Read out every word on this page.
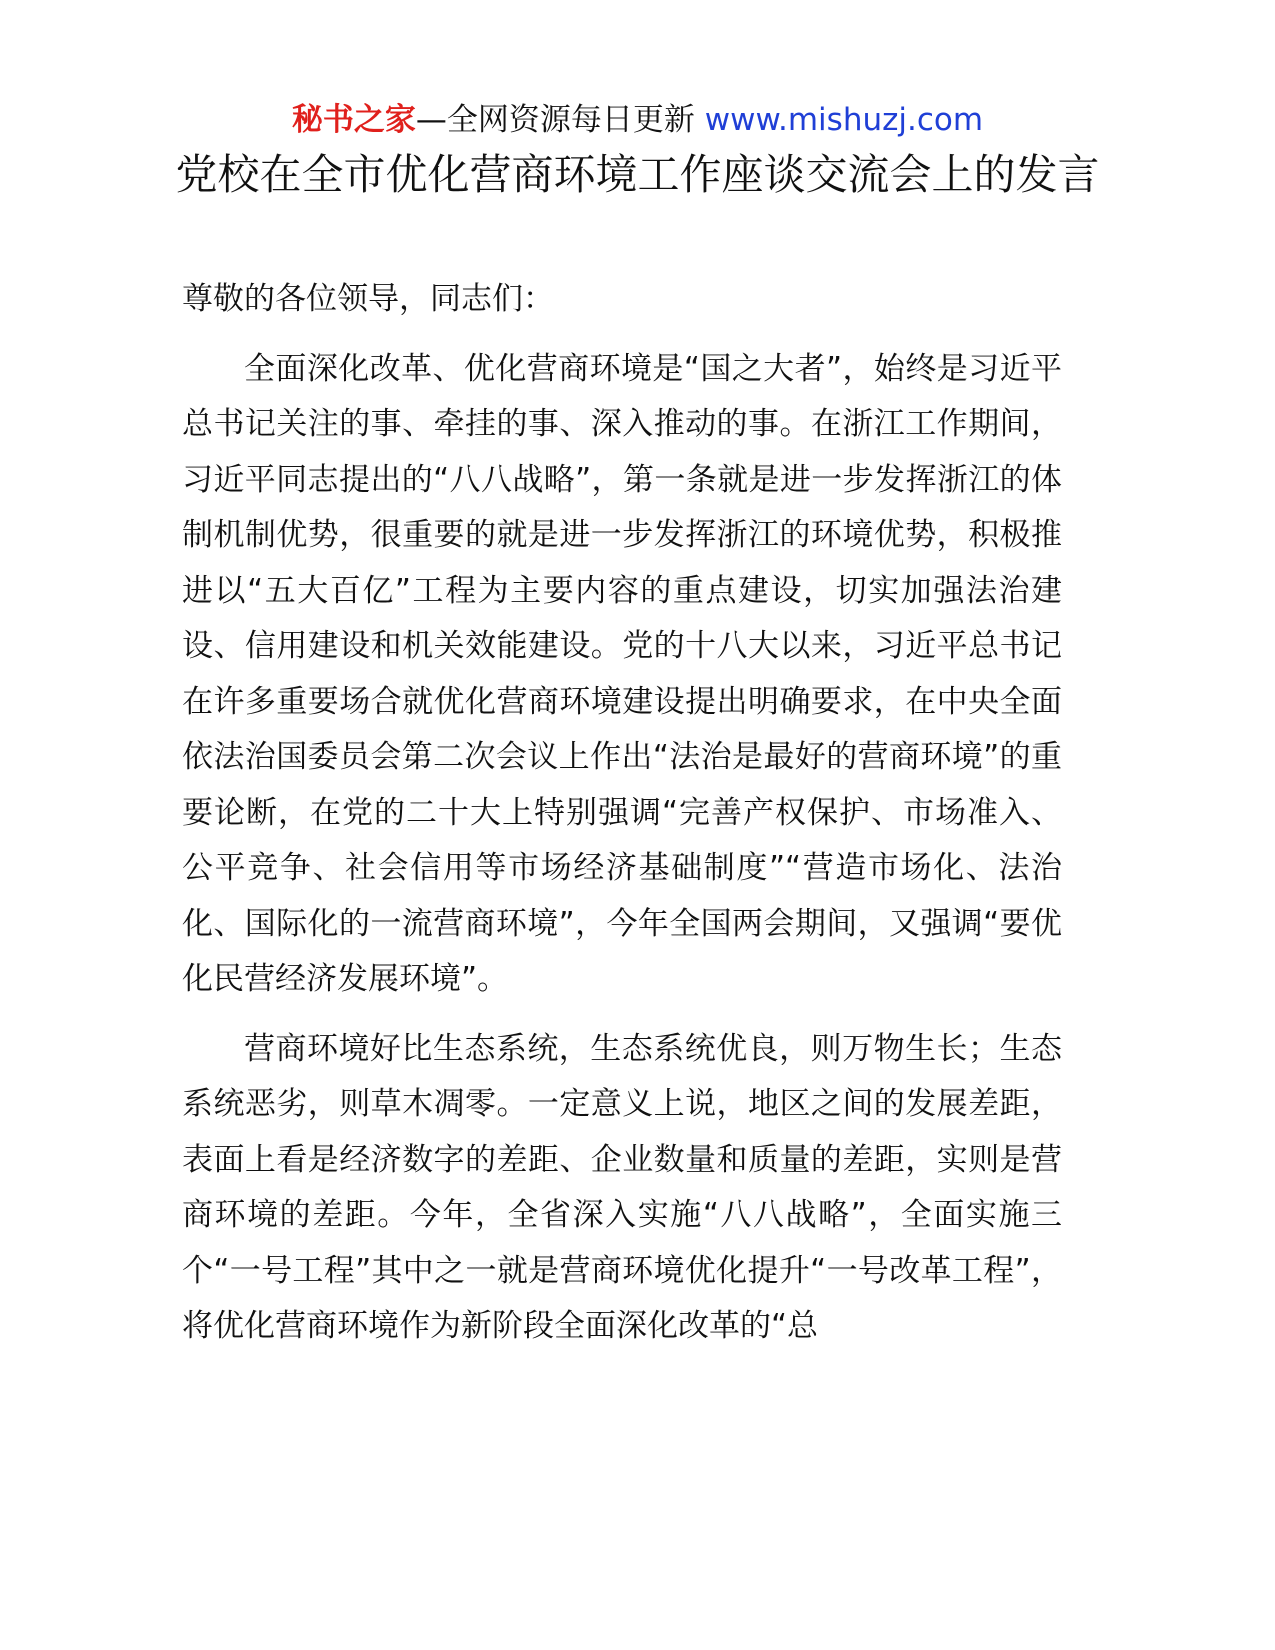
秘书之家—全网资源每日更新 www.mishuzj.com
党校在全市优化营商环境工作座谈交流会上的发言

尊敬的各位领导，同志们：

全面深化改革、优化营商环境是“国之大者”，始终是习近平总书记关注的事、牵挂的事、深入推动的事。在浙江工作期间，习近平同志提出的“八八战略”，第一条就是进一步发挥浙江的体制机制优势，很重要的就是进一步发挥浙江的环境优势，积极推进以“五大百亿”工程为主要内容的重点建设，切实加强法治建设、信用建设和机关效能建设。党的十八大以来，习近平总书记在许多重要场合就优化营商环境建设提出明确要求，在中央全面依法治国委员会第二次会议上作出“法治是最好的营商环境”的重要论断，在党的二十大上特别强调“完善产权保护、市场准入、公平竞争、社会信用等市场经济基础制度”“营造市场化、法治化、国际化的一流营商环境”，今年全国两会期间，又强调“要优化民营经济发展环境”。

营商环境好比生态系统，生态系统优良，则万物生长；生态系统恶劣，则草木凋零。一定意义上说，地区之间的发展差距，表面上看是经济数字的差距、企业数量和质量的差距，实则是营商环境的差距。今年，全省深入实施“八八战略”，全面实施三个“一号工程”其中之一就是营商环境优化提升“一号改革工程”，将优化营商环境作为新阶段全面深化改革的“总
